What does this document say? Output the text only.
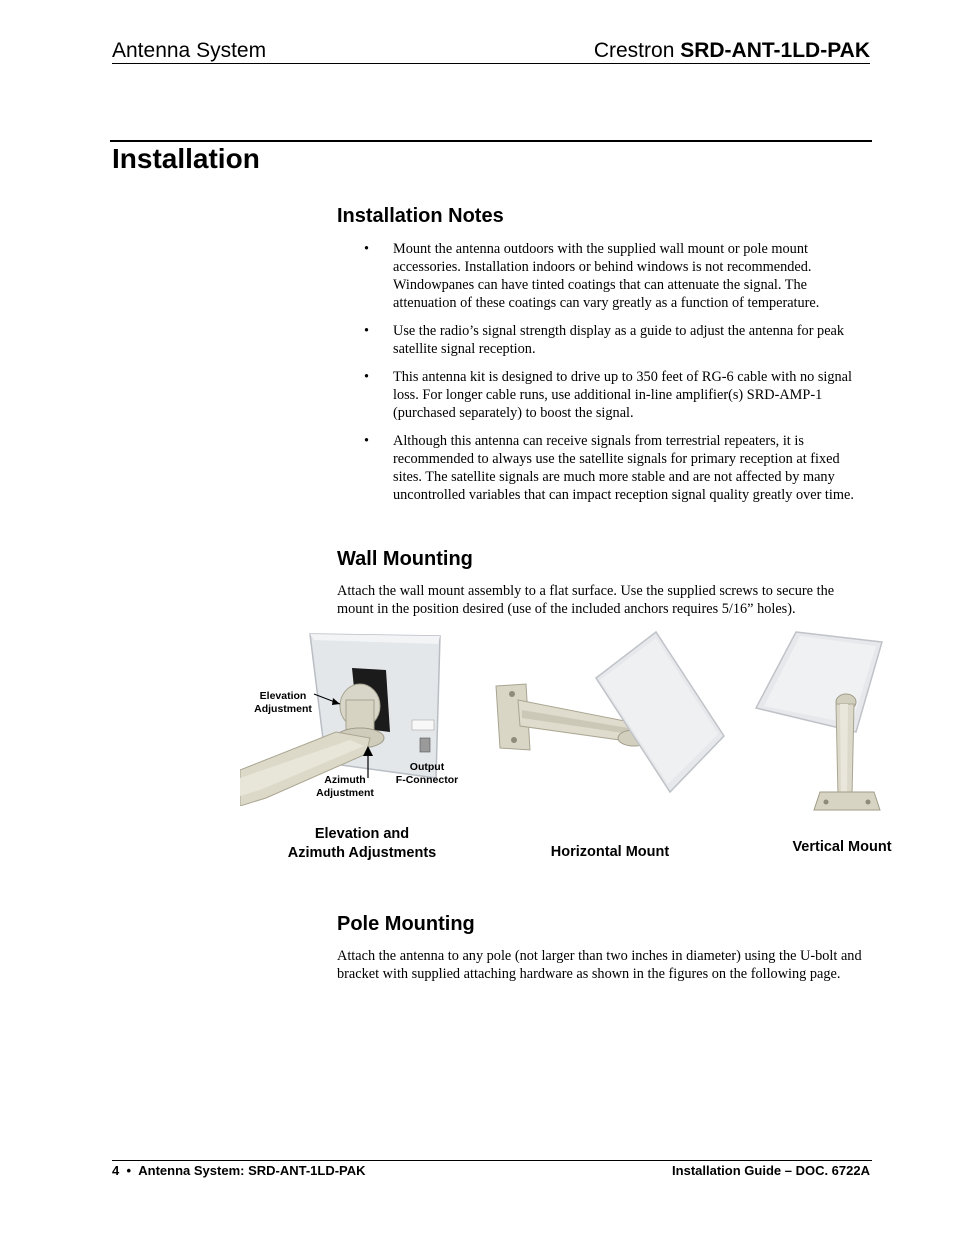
Antenna System	Crestron SRD-ANT-1LD-PAK
Installation
Installation Notes
• Mount the antenna outdoors with the supplied wall mount or pole mount accessories. Installation indoors or behind windows is not recommended. Windowpanes can have tinted coatings that can attenuate the signal. The attenuation of these coatings can vary greatly as a function of temperature.
• Use the radio’s signal strength display as a guide to adjust the antenna for peak satellite signal reception.
• This antenna kit is designed to drive up to 350 feet of RG-6 cable with no signal loss. For longer cable runs, use additional in-line amplifier(s) SRD-AMP-1 (purchased separately) to boost the signal.
• Although this antenna can receive signals from terrestrial repeaters, it is recommended to always use the satellite signals for primary reception at fixed sites. The satellite signals are much more stable and are not affected by many uncontrolled variables that can impact reception signal quality greatly over time.
Wall Mounting
Attach the wall mount assembly to a flat surface. Use the supplied screws to secure the mount in the position desired (use of the included anchors requires 5/16” holes).
Elevation
Adjustment
Azimuth
Adjustment
Output
F-Connector
Elevation and
Azimuth Adjustments	Horizontal Mount	Vertical Mount
Pole Mounting
Attach the antenna to any pole (not larger than two inches in diameter) using the U-bolt and bracket with supplied attaching hardware as shown in the figures on the following page.
4 • Antenna System: SRD-ANT-1LD-PAK	Installation Guide – DOC. 6722A
